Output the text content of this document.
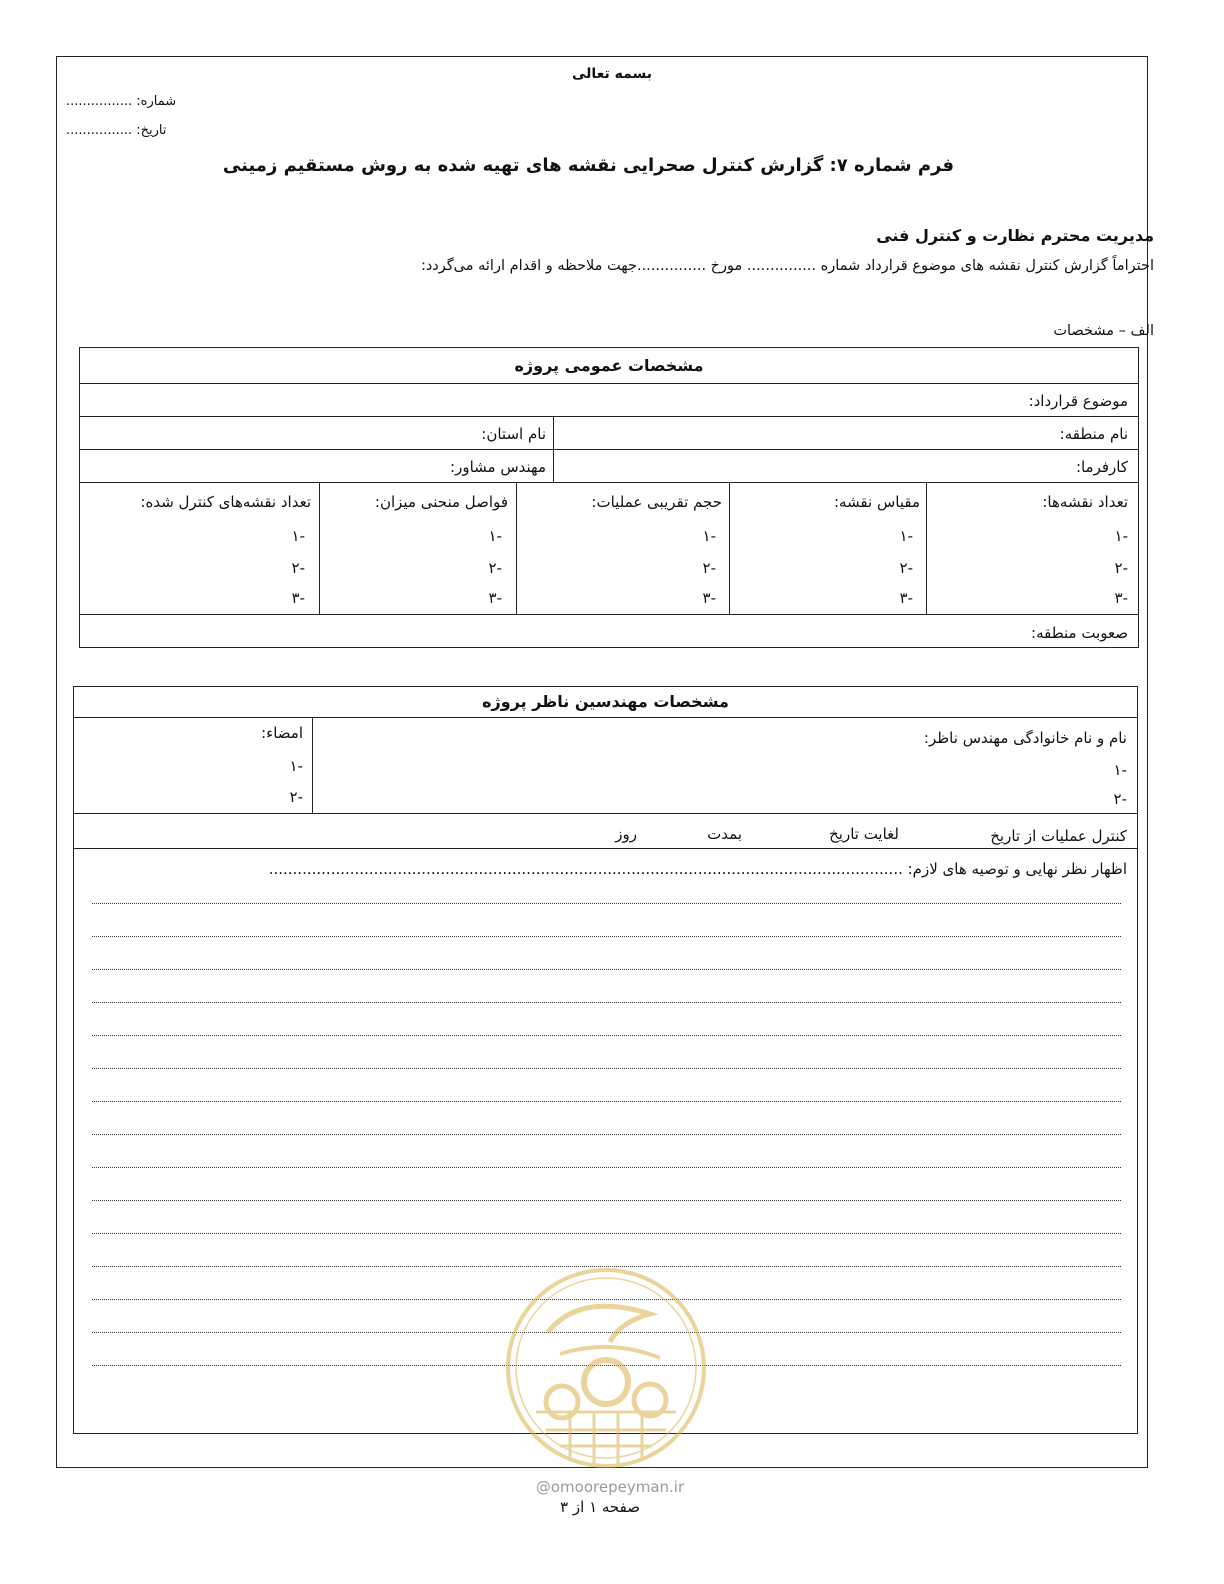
بسمه تعالی
شماره: ................
تاریخ: ................
فرم شماره ۷: گزارش کنترل صحرایی نقشه های تهیه شده به روش مستقیم زمینی
مدیریت محترم نظارت و کنترل فنی
احتراماً گزارش کنترل نقشه های موضوع قرارداد شماره ............... مورخ ...............جهت ملاحظه و اقدام ارائه می‌گردد:
الف – مشخصات
مشخصات عمومی پروژه
موضوع قرارداد:
نام منطقه:
نام استان:
کارفرما:
مهندس مشاور:
تعداد نقشه‌ها:
مقیاس نقشه:
حجم تقریبی عملیات:
فواصل منحنی میزان:
تعداد نقشه‌های کنترل شده:
-۱
-۲
-۳
-۱
-۲
-۳
-۱
-۲
-۳
-۱
-۲
-۳
-۱
-۲
-۳
صعوبت منطقه:
مشخصات مهندسین ناظر پروژه
نام و نام خانوادگی مهندس ناظر:
-۱
-۲
امضاء:
-۱
-۲
کنترل عملیات از تاریخ
لغایت تاریخ
بمدت
روز
اظهار نظر نهایی و توصیه های لازم: .....................................................................................................................................
@omoorepeyman.ir
صفحه ۱ از ۳
